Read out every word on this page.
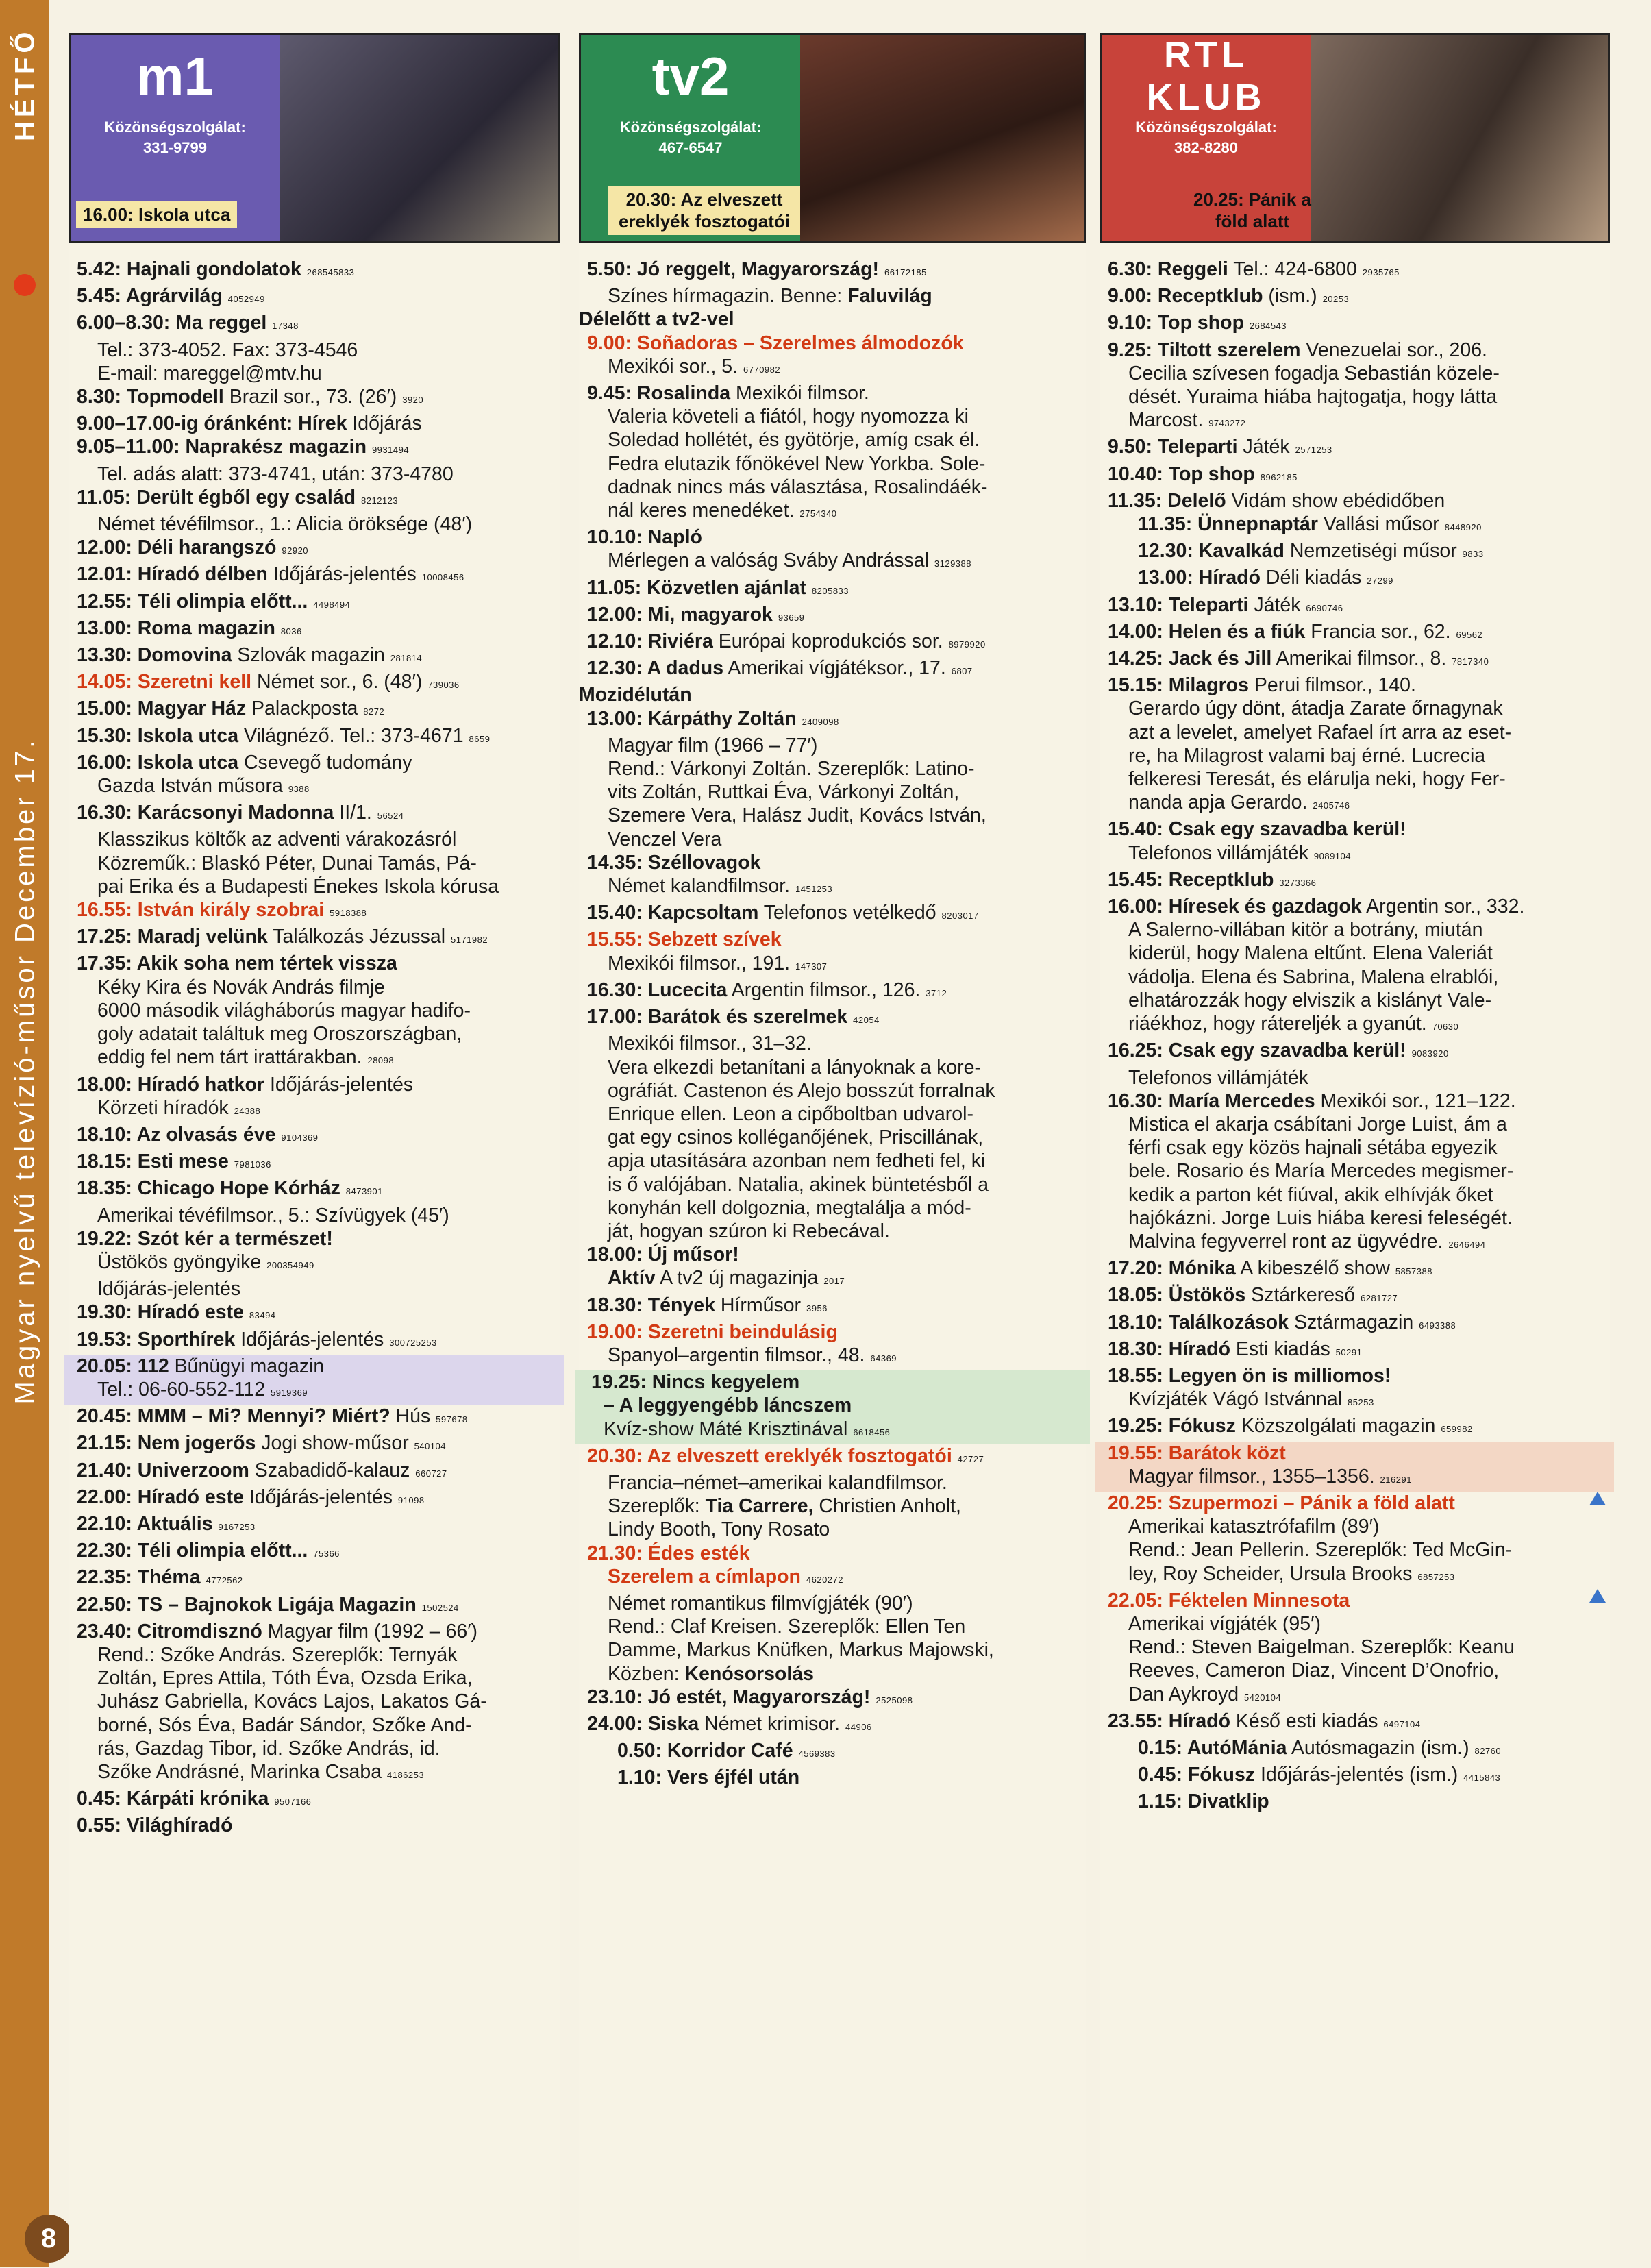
Magyar nyelvű televízió-műsor December 17.
HÉTFŐ
8
m1
Közönségszolgálat:
331-9799
16.00: Iskola utca
5.42: Hajnali gondolatok 268545833
5.45: Agrárvilág 4052949
6.00–8.30: Ma reggel 17348
Tel.: 373-4052. Fax: 373-4546
E-mail: mareggel@mtv.hu
8.30: Topmodell Brazil sor., 73. (26′) 3920
9.00–17.00-ig óránként: Hírek Időjárás
9.05–11.00: Naprakész magazin 9931494
Tel. adás alatt: 373-4741, után: 373-4780
11.05: Derült égből egy család 8212123
Német tévéfilmsor., 1.: Alicia öröksége (48′)
12.00: Déli harangszó 92920
12.01: Híradó délben Időjárás-jelentés 10008456
12.55: Téli olimpia előtt... 4498494
13.00: Roma magazin 8036
13.30: Domovina Szlovák magazin 281814
14.05: Szeretni kell Német sor., 6. (48′) 739036
15.00: Magyar Ház Palackposta 8272
15.30: Iskola utca Világnéző. Tel.: 373-4671 8659
16.00: Iskola utca Csevegő tudomány
Gazda István műsora 9388
16.30: Karácsonyi Madonna II/1. 56524
Klasszikus költők az adventi várakozásról
Közreműk.: Blaskó Péter, Dunai Tamás, Pá-
pai Erika és a Budapesti Énekes Iskola kórusa
16.55: István király szobrai 5918388
17.25: Maradj velünk Találkozás Jézussal 5171982
17.35: Akik soha nem tértek vissza
Kéky Kira és Novák András filmje
6000 második világháborús magyar hadifo-
goly adatait találtuk meg Oroszországban,
eddig fel nem tárt irattárakban. 28098
18.00: Híradó hatkor Időjárás-jelentés
Körzeti híradók 24388
18.10: Az olvasás éve 9104369
18.15: Esti mese 7981036
18.35: Chicago Hope Kórház 8473901
Amerikai tévéfilmsor., 5.: Szívügyek (45′)
19.22: Szót kér a természet!
Üstökös gyöngyike 200354949
Időjárás-jelentés
19.30: Híradó este 83494
19.53: Sporthírek Időjárás-jelentés 300725253
20.05: 112 Bűnügyi magazin
Tel.: 06-60-552-112 5919369
20.45: MMM – Mi? Mennyi? Miért? Hús 597678
21.15: Nem jogerős Jogi show-műsor 540104
21.40: Univerzoom Szabadidő-kalauz 660727
22.00: Híradó este Időjárás-jelentés 91098
22.10: Aktuális 9167253
22.30: Téli olimpia előtt... 75366
22.35: Théma 4772562
22.50: TS – Bajnokok Ligája Magazin 1502524
23.40: Citromdisznó Magyar film (1992 – 66′)
Rend.: Szőke András. Szereplők: Ternyák
Zoltán, Epres Attila, Tóth Éva, Ozsda Erika,
Juhász Gabriella, Kovács Lajos, Lakatos Gá-
borné, Sós Éva, Badár Sándor, Szőke And-
rás, Gazdag Tibor, id. Szőke András, id.
Szőke Andrásné, Marinka Csaba 4186253
0.45: Kárpáti krónika 9507166
0.55: Világhíradó
tv2
Közönségszolgálat:
467-6547
20.30: Az elveszett ereklyék fosztogatói
5.50: Jó reggelt, Magyarország! 66172185
Színes hírmagazin. Benne: Faluvilág
Délelőtt a tv2-vel
9.00: Soñadoras – Szerelmes álmodozók
Mexikói sor., 5. 6770982
9.45: Rosalinda Mexikói filmsor.
Valeria követeli a fiától, hogy nyomozza ki
Soledad hollétét, és gyötörje, amíg csak él.
Fedra elutazik főnökével New Yorkba. Sole-
dadnak nincs más választása, Rosalindáék-
nál keres menedéket. 2754340
10.10: Napló
Mérlegen a valóság Sváby Andrással 3129388
11.05: Közvetlen ajánlat 8205833
12.00: Mi, magyarok 93659
12.10: Riviéra Európai koprodukciós sor. 8979920
12.30: A dadus Amerikai vígjátéksor., 17. 6807
Mozidélután
13.00: Kárpáthy Zoltán 2409098
Magyar film (1966 – 77′)
Rend.: Várkonyi Zoltán. Szereplők: Latino-
vits Zoltán, Ruttkai Éva, Várkonyi Zoltán,
Szemere Vera, Halász Judit, Kovács István,
Venczel Vera
14.35: Széllovagok
Német kalandfilmsor. 1451253
15.40: Kapcsoltam Telefonos vetélkedő 8203017
15.55: Sebzett szívek
Mexikói filmsor., 191. 147307
16.30: Lucecita Argentin filmsor., 126. 3712
17.00: Barátok és szerelmek 42054
Mexikói filmsor., 31–32.
Vera elkezdi betanítani a lányoknak a kore-
ográfiát. Castenon és Alejo bosszút forralnak
Enrique ellen. Leon a cipőboltban udvarol-
gat egy csinos kolléganőjének, Priscillának,
apja utasítására azonban nem fedheti fel, ki
is ő valójában. Natalia, akinek büntetésből a
konyhán kell dolgoznia, megtalálja a mód-
ját, hogyan szúron ki Rebecával.
18.00: Új műsor!
Aktív A tv2 új magazinja 2017
18.30: Tények Hírműsor 3956
19.00: Szeretni beindulásig
Spanyol–argentin filmsor., 48. 64369
19.25: Nincs kegyelem
– A leggyengébb láncszem
Kvíz-show Máté Krisztinával 6618456
20.30: Az elveszett ereklyék fosztogatói 42727
Francia–német–amerikai kalandfilmsor.
Szereplők: Tia Carrere, Christien Anholt,
Lindy Booth, Tony Rosato
21.30: Édes esték
Szerelem a címlapon 4620272
Német romantikus filmvígjáték (90′)
Rend.: Claf Kreisen. Szereplők: Ellen Ten
Damme, Markus Knüfken, Markus Majowski,
Közben: Kenósorsolás
23.10: Jó estét, Magyarország! 2525098
24.00: Siska Német krimisor. 44906
0.50: Korridor Café 4569383
1.10: Vers éjfél után
RTL KLUB
Közönségszolgálat:
382-8280
20.25: Pánik a föld alatt
6.30: Reggeli Tel.: 424-6800 2935765
9.00: Receptklub (ism.) 20253
9.10: Top shop 2684543
9.25: Tiltott szerelem Venezuelai sor., 206.
Cecilia szívesen fogadja Sebastián közele-
dését. Yuraima hiába hajtogatja, hogy látta
Marcost. 9743272
9.50: Teleparti Játék 2571253
10.40: Top shop 8962185
11.35: Delelő Vidám show ebédidőben
11.35: Ünnepnaptár Vallási műsor 8448920
12.30: Kavalkád Nemzetiségi műsor 9833
13.00: Híradó Déli kiadás 27299
13.10: Teleparti Játék 6690746
14.00: Helen és a fiúk Francia sor., 62. 69562
14.25: Jack és Jill Amerikai filmsor., 8. 7817340
15.15: Milagros Perui filmsor., 140.
Gerardo úgy dönt, átadja Zarate őrnagynak
azt a levelet, amelyet Rafael írt arra az eset-
re, ha Milagrost valami baj érné. Lucrecia
felkeresi Teresát, és elárulja neki, hogy Fer-
nanda apja Gerardo. 2405746
15.40: Csak egy szavadba kerül!
Telefonos villámjáték 9089104
15.45: Receptklub 3273366
16.00: Híresek és gazdagok Argentin sor., 332.
A Salerno-villában kitör a botrány, miután
kiderül, hogy Malena eltűnt. Elena Valeriát
vádolja. Elena és Sabrina, Malena elrablói,
elhatározzák hogy elviszik a kislányt Vale-
riáékhoz, hogy rátereljék a gyanút. 70630
16.25: Csak egy szavadba kerül! 9083920
Telefonos villámjáték
16.30: María Mercedes Mexikói sor., 121–122.
Mistica el akarja csábítani Jorge Luist, ám a
férfi csak egy közös hajnali sétába egyezik
bele. Rosario és María Mercedes megismer-
kedik a parton két fiúval, akik elhívják őket
hajókázni. Jorge Luis hiába keresi feleségét.
Malvina fegyverrel ront az ügyvédre. 2646494
17.20: Mónika A kibeszélő show 5857388
18.05: Üstökös Sztárkereső 6281727
18.10: Találkozások Sztármagazin 6493388
18.30: Híradó Esti kiadás 50291
18.55: Legyen ön is milliomos!
Kvízjáték Vágó Istvánnal 85253
19.25: Fókusz Közszolgálati magazin 659982
19.55: Barátok közt
Magyar filmsor., 1355–1356. 216291
20.25: Szupermozi – Pánik a föld alatt
Amerikai katasztrófafilm (89′)
Rend.: Jean Pellerin. Szereplők: Ted McGin-
ley, Roy Scheider, Ursula Brooks 6857253
22.05: Féktelen Minnesota
Amerikai vígjáték (95′)
Rend.: Steven Baigelman. Szereplők: Keanu
Reeves, Cameron Diaz, Vincent D’Onofrio,
Dan Aykroyd 5420104
23.55: Híradó Késő esti kiadás 6497104
0.15: AutóMánia Autósmagazin (ism.) 82760
0.45: Fókusz Időjárás-jelentés (ism.) 4415843
1.15: Divatklip
